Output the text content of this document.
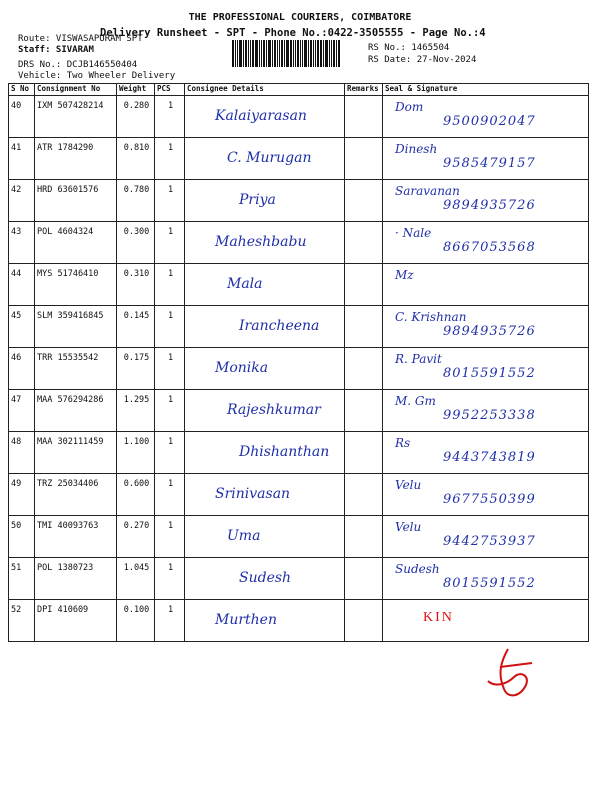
THE PROFESSIONAL COURIERS, COIMBATORE
Delivery Runsheet - SPT - Phone No.:0422-3505555 - Page No.:4
Route: VISWASAPURAM SPT
Staff: SIVARAM
DRS No.: DCJB146550404
Vehicle: Two Wheeler Delivery
RS No.: 1465504
RS Date: 27-Nov-2024
S No	Consignment No	Weight	PCS	Consignee Details	Remarks	Seal & Signature
40	IXM 507428214	0.280	1	Kalaiyarasan		Dom
9500902047

41	ATR 1784290	0.810	1	C. Murugan		Dinesh
9585479157

42	HRD 63601576	0.780	1	Priya		Saravanan
9894935726

43	POL 4604324	0.300	1	Maheshbabu		· Nale
8667053568

44	MYS 51746410	0.310	1	Mala		Mz

45	SLM 359416845	0.145	1	Irancheena		C. Krishnan
9894935726

46	TRR 15535542	0.175	1	Monika		R. Pavit
8015591552

47	MAA 576294286	1.295	1	Rajeshkumar		M. Gm
9952253338

48	MAA 302111459	1.100	1	Dhishanthan		Rs
9443743819

49	TRZ 25034406	0.600	1	Srinivasan		Velu
9677550399

50	TMI 40093763	0.270	1	Uma		Velu
9442753937

51	POL 1380723	1.045	1	Sudesh		Sudesh
8015591552

52	DPI 410609	0.100	1	Murthen		KIN
